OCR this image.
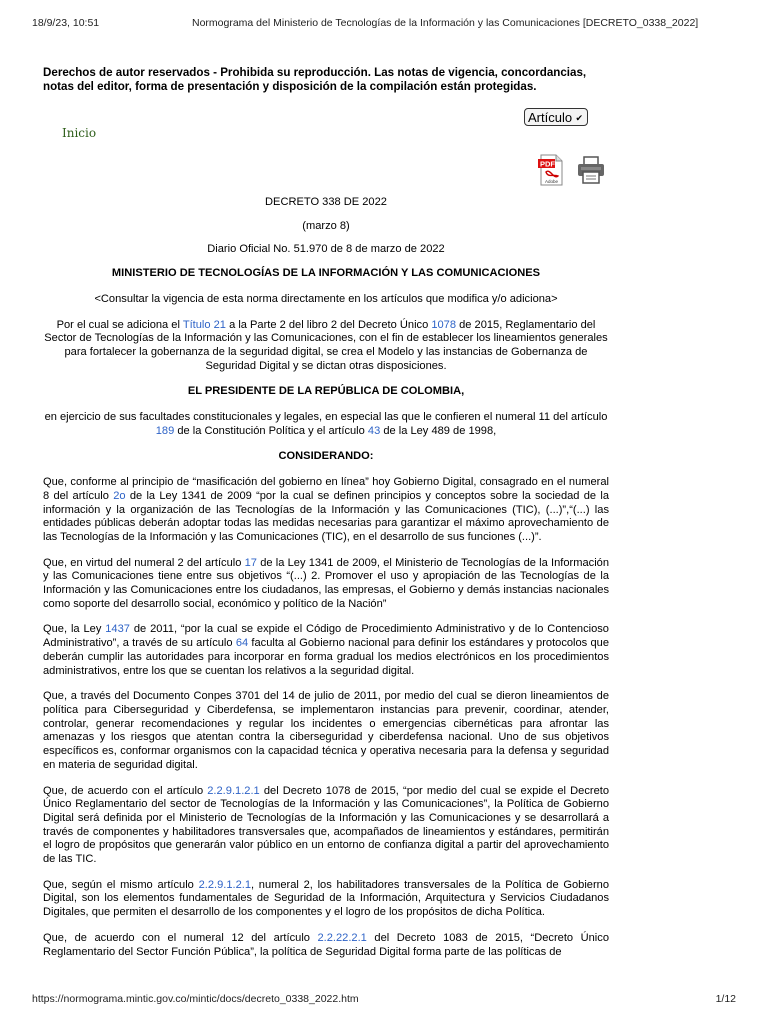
18/9/23, 10:51	Normograma del Ministerio de Tecnologías de la Información y las Comunicaciones [DECRETO_0338_2022]

Derechos de autor reservados - Prohibida su reproducción. Las notas de vigencia, concordancias, notas del editor, forma de presentación y disposición de la compilación están protegidas.

Inicio
Artículo ✔
PDF
Adobe

DECRETO 338 DE 2022

(marzo 8)

Diario Oficial No. 51.970 de 8 de marzo de 2022

MINISTERIO DE TECNOLOGÍAS DE LA INFORMACIÓN Y LAS COMUNICACIONES

<Consultar la vigencia de esta norma directamente en los artículos que modifica y/o adiciona>

Por el cual se adiciona el Título 21 a la Parte 2 del libro 2 del Decreto Único 1078 de 2015, Reglamentario del Sector de Tecnologías de la Información y las Comunicaciones, con el fin de establecer los lineamientos generales para fortalecer la gobernanza de la seguridad digital, se crea el Modelo y las instancias de Gobernanza de Seguridad Digital y se dictan otras disposiciones.

EL PRESIDENTE DE LA REPÚBLICA DE COLOMBIA,

en ejercicio de sus facultades constitucionales y legales, en especial las que le confieren el numeral 11 del artículo 189 de la Constitución Política y el artículo 43 de la Ley 489 de 1998,

CONSIDERANDO:

Que, conforme al principio de “masificación del gobierno en línea” hoy Gobierno Digital, consagrado en el numeral 8 del artículo 2o de la Ley 1341 de 2009 “por la cual se definen principios y conceptos sobre la sociedad de la información y la organización de las Tecnologías de la Información y las Comunicaciones (TIC), (...)”,“(...) las entidades públicas deberán adoptar todas las medidas necesarias para garantizar el máximo aprovechamiento de las Tecnologías de la Información y las Comunicaciones (TIC), en el desarrollo de sus funciones (...)”.

Que, en virtud del numeral 2 del artículo 17 de la Ley 1341 de 2009, el Ministerio de Tecnologías de la Información y las Comunicaciones tiene entre sus objetivos “(...) 2. Promover el uso y apropiación de las Tecnologías de la Información y las Comunicaciones entre los ciudadanos, las empresas, el Gobierno y demás instancias nacionales como soporte del desarrollo social, económico y político de la Nación”

Que, la Ley 1437 de 2011, “por la cual se expide el Código de Procedimiento Administrativo y de lo Contencioso Administrativo”, a través de su artículo 64 faculta al Gobierno nacional para definir los estándares y protocolos que deberán cumplir las autoridades para incorporar en forma gradual los medios electrónicos en los procedimientos administrativos, entre los que se cuentan los relativos a la seguridad digital.

Que, a través del Documento Conpes 3701 del 14 de julio de 2011, por medio del cual se dieron lineamientos de política para Ciberseguridad y Ciberdefensa, se implementaron instancias para prevenir, coordinar, atender, controlar, generar recomendaciones y regular los incidentes o emergencias cibernéticas para afrontar las amenazas y los riesgos que atentan contra la ciberseguridad y ciberdefensa nacional. Uno de sus objetivos específicos es, conformar organismos con la capacidad técnica y operativa necesaria para la defensa y seguridad en materia de seguridad digital.

Que, de acuerdo con el artículo 2.2.9.1.2.1 del Decreto 1078 de 2015, “por medio del cual se expide el Decreto Único Reglamentario del sector de Tecnologías de la Información y las Comunicaciones”, la Política de Gobierno Digital será definida por el Ministerio de Tecnologías de la Información y las Comunicaciones y se desarrollará a través de componentes y habilitadores transversales que, acompañados de lineamientos y estándares, permitirán el logro de propósitos que generarán valor público en un entorno de confianza digital a partir del aprovechamiento de las TIC.

Que, según el mismo artículo 2.2.9.1.2.1, numeral 2, los habilitadores transversales de la Política de Gobierno Digital, son los elementos fundamentales de Seguridad de la Información, Arquitectura y Servicios Ciudadanos Digitales, que permiten el desarrollo de los componentes y el logro de los propósitos de dicha Política.

Que, de acuerdo con el numeral 12 del artículo 2.2.22.2.1 del Decreto 1083 de 2015, “Decreto Único Reglamentario del Sector Función Pública”, la política de Seguridad Digital forma parte de las políticas de

https://normograma.mintic.gov.co/mintic/docs/decreto_0338_2022.htm	1/12
